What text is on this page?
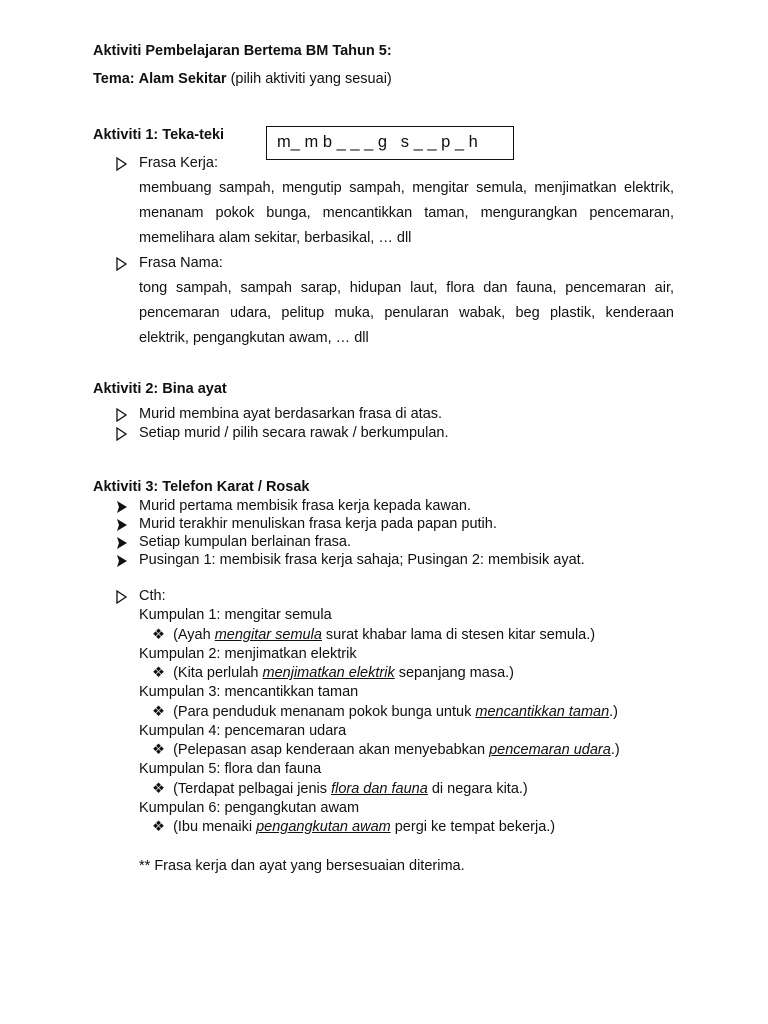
Aktiviti Pembelajaran Bertema BM Tahun 5:
Tema: Alam Sekitar (pilih aktiviti yang sesuai)
Aktiviti 1: Teka-teki	m_ m b _ _ _ g   s _ _ p _ h
Frasa Kerja:
membuang sampah, mengutip sampah, mengitar semula, menjimatkan elektrik, menanam pokok bunga, mencantikkan taman, mengurangkan pencemaran, memelihara alam sekitar, berbasikal, … dll
Frasa Nama:
tong sampah, sampah sarap, hidupan laut, flora dan fauna, pencemaran air, pencemaran udara, pelitup muka, penularan wabak, beg plastik, kenderaan elektrik, pengangkutan awam, … dll
Aktiviti 2: Bina ayat
Murid membina ayat berdasarkan frasa di atas.
Setiap murid / pilih secara rawak / berkumpulan.
Aktiviti 3: Telefon Karat / Rosak
Murid pertama membisik frasa kerja kepada kawan.
Murid terakhir menuliskan frasa kerja pada papan putih.
Setiap kumpulan berlainan frasa.
Pusingan 1: membisik frasa kerja sahaja; Pusingan 2: membisik ayat.
Cth:
Kumpulan 1: mengitar semula
❖ (Ayah mengitar semula surat khabar lama di stesen kitar semula.)
Kumpulan 2: menjimatkan elektrik
❖ (Kita perlulah menjimatkan elektrik sepanjang masa.)
Kumpulan 3: mencantikkan taman
❖ (Para penduduk menanam pokok bunga untuk mencantikkan taman.)
Kumpulan 4: pencemaran udara
❖ (Pelepasan asap kenderaan akan menyebabkan pencemaran udara.)
Kumpulan 5: flora dan fauna
❖ (Terdapat pelbagai jenis flora dan fauna di negara kita.)
Kumpulan 6: pengangkutan awam
❖ (Ibu menaiki pengangkutan awam pergi ke tempat bekerja.)
** Frasa kerja dan ayat yang bersesuaian diterima.
